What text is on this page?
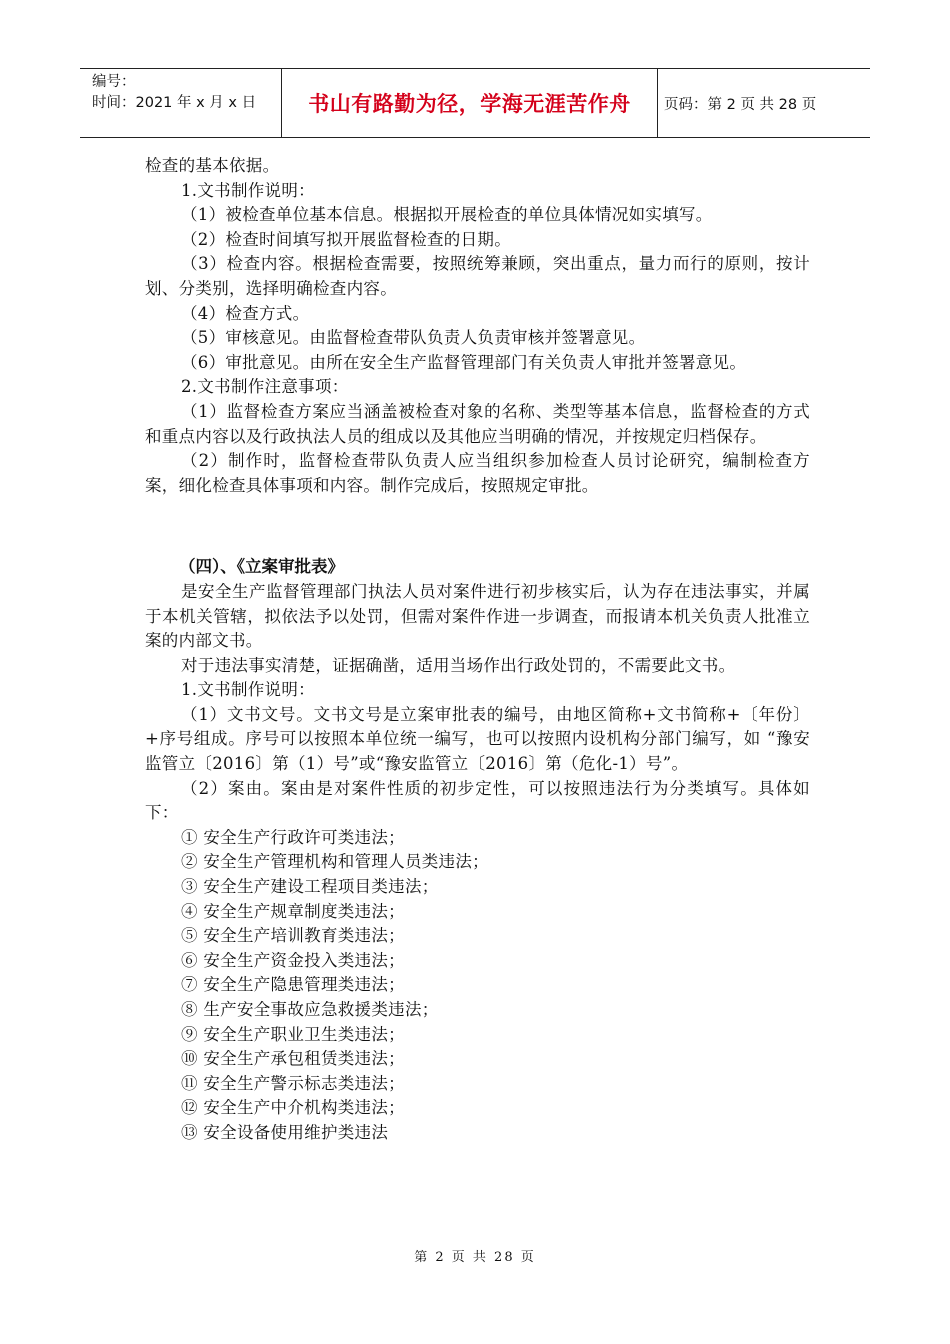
编号：
时间：2021 年 x 月 x 日	书山有路勤为径，学海无涯苦作舟	页码：第 2 页 共 28 页

检查的基本依据。

1.文书制作说明：

（1）被检查单位基本信息。根据拟开展检查的单位具体情况如实填写。

（2）检查时间填写拟开展监督检查的日期。

（3）检查内容。根据检查需要，按照统筹兼顾，突出重点，量力而行的原则，按计划、分类别，选择明确检查内容。

（4）检查方式。

（5）审核意见。由监督检查带队负责人负责审核并签署意见。

（6）审批意见。由所在安全生产监督管理部门有关负责人审批并签署意见。

2.文书制作注意事项：

（1）监督检查方案应当涵盖被检查对象的名称、类型等基本信息，监督检查的方式和重点内容以及行政执法人员的组成以及其他应当明确的情况，并按规定归档保存。

（2）制作时，监督检查带队负责人应当组织参加检查人员讨论研究，编制检查方案，细化检查具体事项和内容。制作完成后，按照规定审批。

（四）、《立案审批表》

是安全生产监督管理部门执法人员对案件进行初步核实后，认为存在违法事实，并属于本机关管辖，拟依法予以处罚，但需对案件作进一步调查，而报请本机关负责人批准立案的内部文书。

对于违法事实清楚，证据确凿，适用当场作出行政处罚的，不需要此文书。

1.文书制作说明：

（1）文书文号。文书文号是立案审批表的编号，由地区简称+文书简称+〔年份〕+序号组成。序号可以按照本单位统一编写，也可以按照内设机构分部门编写，如 “豫安监管立〔2016〕第（1）号”或“豫安监管立〔2016〕第（危化-1）号”。

（2）案由。案由是对案件性质的初步定性，可以按照违法行为分类填写。具体如下：

① 安全生产行政许可类违法；

② 安全生产管理机构和管理人员类违法；

③ 安全生产建设工程项目类违法；

④ 安全生产规章制度类违法；

⑤ 安全生产培训教育类违法；

⑥ 安全生产资金投入类违法；

⑦ 安全生产隐患管理类违法；

⑧ 生产安全事故应急救援类违法；

⑨ 安全生产职业卫生类违法；

⑩ 安全生产承包租赁类违法；

⑪ 安全生产警示标志类违法；

⑫ 安全生产中介机构类违法；

⑬ 安全设备使用维护类违法

第 2 页 共 28 页
